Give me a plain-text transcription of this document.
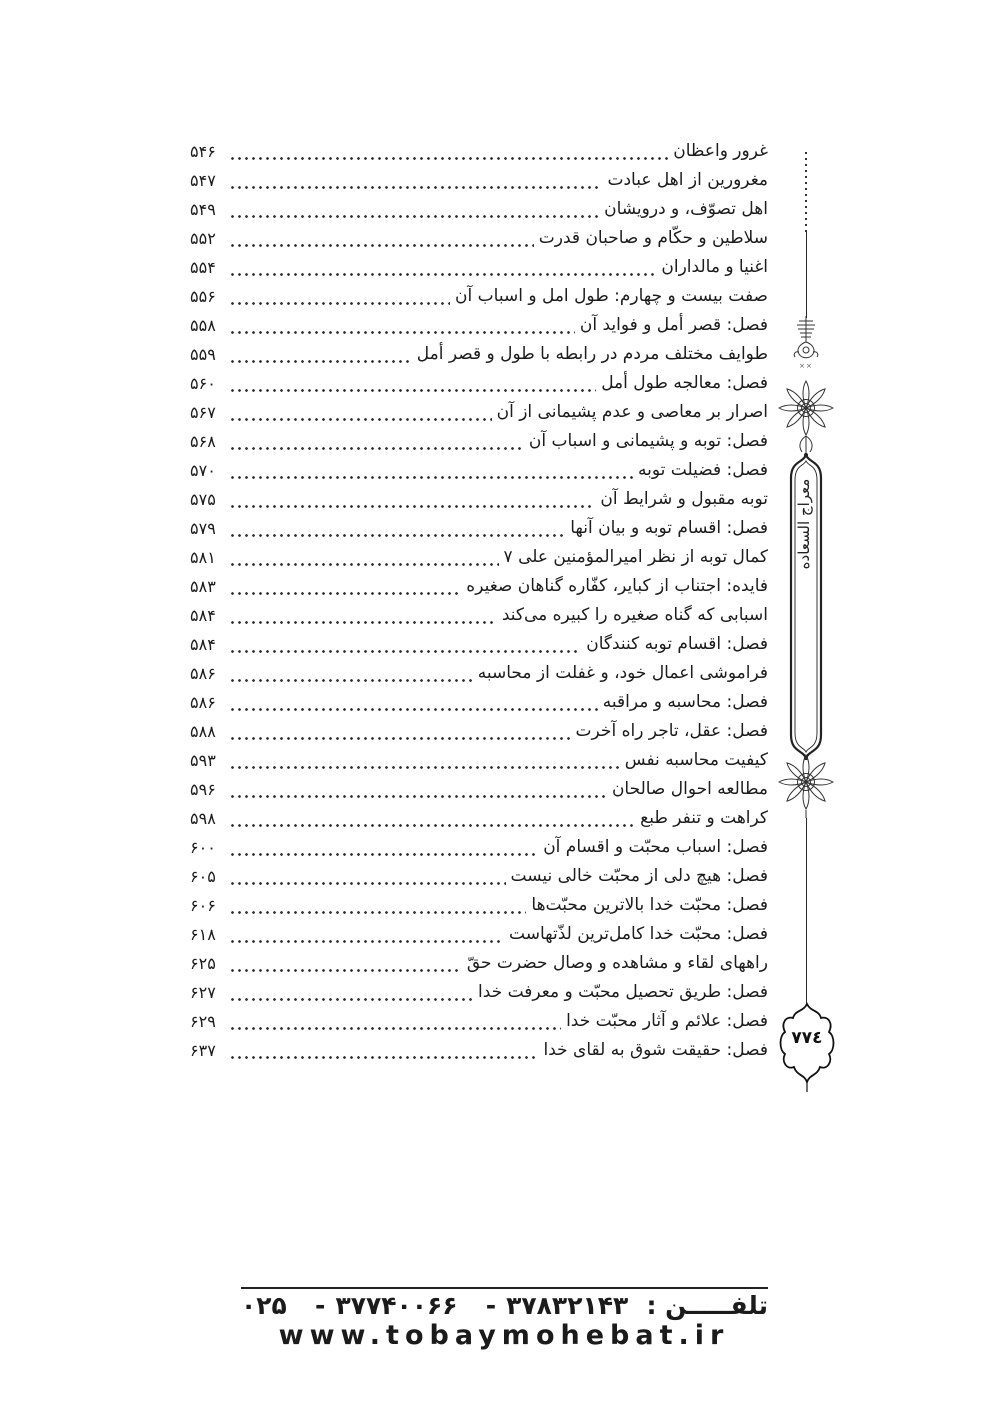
غرور واعظان
۵۴۶
مغرورین از اهل عبادت
۵۴۷
اهل تصوّف، و درویشان
۵۴۹
سلاطین و حکّام و صاحبان قدرت
۵۵۲
اغنیا و مالداران
۵۵۴
صفت بیست و چهارم: طول امل و اسباب آن
۵۵۶
فصل: قصر أمل و فواید آن
۵۵۸
طوایف مختلف مردم در رابطه با طول و قصر أمل
۵۵۹
فصل: معالجه طول أمل
۵۶۰
اصرار بر معاصی و عدم پشیمانی از آن
۵۶۷
فصل: توبه و پشیمانی و اسباب آن
۵۶۸
فصل: فضیلت توبه
۵۷۰
توبه مقبول و شرایط آن
۵۷۵
فصل: اقسام توبه و بیان آنها
۵۷۹
کمال توبه از نظر امیرالمؤمنین علی ۷
۵۸۱
فایده: اجتناب از کبایر، کفّاره گناهان صغیره
۵۸۳
اسبابی که گناه صغیره را کبیره می‌کند
۵۸۴
فصل: اقسام توبه کنندگان
۵۸۴
فراموشی اعمال خود، و غفلت از محاسبه
۵۸۶
فصل: محاسبه و مراقبه
۵۸۶
فصل: عقل، تاجر راه آخرت
۵۸۸
کیفیت محاسبه نفس
۵۹۳
مطالعه احوال صالحان
۵۹۶
کراهت و تنفر طبع
۵۹۸
فصل: اسباب محبّت و اقسام آن
۶۰۰
فصل: هیچ دلی از محبّت خالی نیست
۶۰۵
فصل: محبّت خدا بالاترین محبّت‌ها
۶۰۶
فصل: محبّت خدا کامل‌ترین لذّتهاست
۶۱۸
راههای لقاء و مشاهده و وصال حضرت حقّ
۶۲۵
فصل: طریق تحصیل محبّت و معرفت خدا
۶۲۷
فصل: علائم و آثار محبّت خدا
۶۲۹
فصل: حقیقت شوق به لقای خدا
۶۳۷
××
معراج السعاده
٧٧٤
تلفـــــن :
۳۷۸۳۲۱۴۳
-
۳۷۷۴۰۰۶۶
-
۰۲۵
www.tobaymohebat.ir
